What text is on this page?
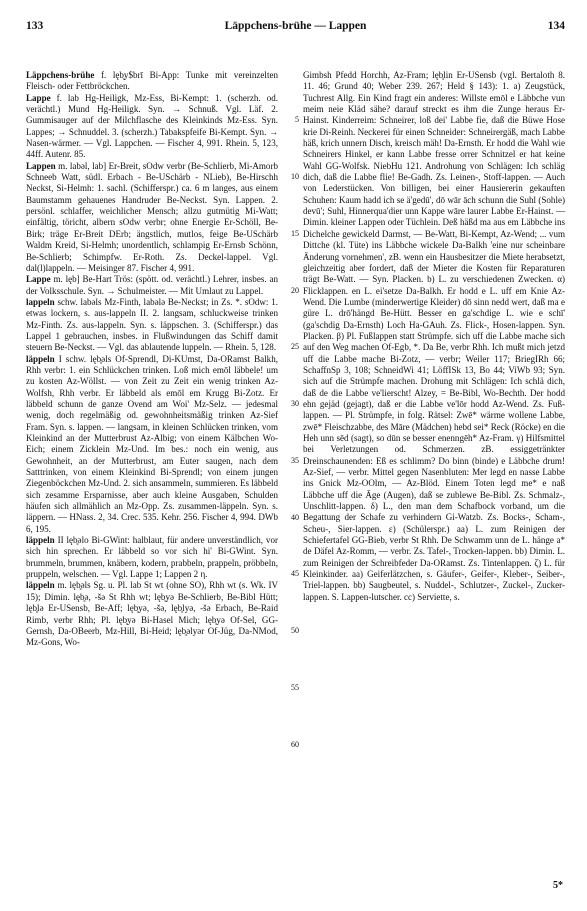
133	Läppchens-brühe — Lappen	134

Läppchens-brühe f. lęb̥y$brī Bi-App: Tunke mit vereinzelten Fleisch- oder Fettbröckchen.

Lappe f. lab Hg-Heiligk, Mz-Ess, Bi-Kempt: 1. (scherzh. od. verächtl.) Mund Hg-Heiligk. Syn. → Schnuß. Vgl. Läf. 2. Gummisauger auf der Milchflasche des Kleinkinds Mz-Ess. Syn. Lappes; → Schnuddel. 3. (scherzh.) Tabakspfeife Bi-Kempt. Syn. → Nasen-wärmer. — Vgl. Lappchen. — Fischer 4, 991. Rhein. 5, 123, 44ff. Autenr. 85.

Lappen m. labəl, lab] Er-Breit, sOdw verbr (Be-Schlierb, Mi-Amorb Schneeb Watt, südl. Erbach - Be-USchärb - NLieb), Be-Hirschh Neckst, Si-Helmh: 1. sachl. (Schifferspr.) ca. 6 m langes, aus einem Baumstamm gehauenes Handruder Be-Neckst. Syn. Lappen. 2. persönl. schlaffer, weichlicher Mensch; allzu gutmütig Mi-Watt; einfältig, töricht, albern sOdw verbr; ohne Energie Er-Schöll, Be-Birk; träge Er-Breit DErb; ängstlich, mutlos, feige Be-USchärb Waldm Kreid, Si-Helmh; unordentlich, schlampig Er-Ernsb Schönn, Be-Schlierb; Schimpfw. Er-Roth. Zs. Deckel-lappel. Vgl. dal(l)lappeln. — Meisinger 87. Fischer 4, 991.

Lappe m. lęb] Be-Hart Trös: (spött. od. verächtl.) Lehrer, insbes. an der Volksschule. Syn. → Schulmeister. — Mit Umlaut zu Lappel.

lappeln schw. labəls Mz-Finth, labələ Be-Neckst; in Zs. *. sOdw: 1. etwas lockern, s. aus-lappeln II. 2. langsam, schluckweise trinken Mz-Finth. Zs. aus-lappeln. Syn. s. läppschen. 3. (Schifferspr.) das Lappel 1 gebrauchen, insbes. in Flußwindungen das Schiff damit steuern Be-Neckst. — Vgl. das ablautende luppeln. — Rhein. 5, 128.

läppeln I schw. lęb̥əls Of-Sprendl, Di-KUmst, Da-ORamst Balkh, Rhh verbr: 1. ein Schlückchen trinken. Loß mich emōl läbbele! um zu kosten Az-Wöllst. — von Zeit zu Zeit ein wenig trinken Az-Wolfsh, Rhh verbr. Er läbbeld als emōl em Krugg Bi-Zotz. Er läbbeld schunn de ganze Ovend am Woi' Mz-Selz. — jedesmal wenig, doch regelmäßig od. gewohnheitsmäßig trinken Az-Sief Fram. Syn. s. lappen. — langsam, in kleinen Schlücken trinken, vom Kleinkind an der Mutterbrust Az-Albig; von einem Kälbchen Wo-Eich; einem Zicklein Mz-Und. Im bes.: noch ein wenig, aus Gewohnheit, an der Mutterbrust, am Euter saugen, nach dem Satttrinken, von einem Kleinkind Bi-Sprendl; von einem jungen Ziegenböckchen Mz-Und. 2. sich ansammeln, summieren. Es läbbeld sich zesamme Ersparnisse, aber auch kleine Ausgaben, Schulden häufen sich allmählich an Mz-Opp. Zs. zusammen-läppeln. Syn. s. läppern. — HNass. 2, 34. Crec. 535. Kehr. 256. Fischer 4, 994. DWb 6, 195.

läppeln II lęb̥əlo Bi-GWint: halblaut, für andere unverständlich, vor sich hin sprechen. Er läbbeld so vor sich hi' Bi-GWint. Syn. brummeln, brummen, knäbern, kodern, prabbeln, prappeln, pröbbeln, pruppeln, welschen. — Vgl. Lappe 1; Lappen 2 η.

läppeln m. lęb̥əls Sg. u. Pl. lab St wt (ohne SO), Rhh wt (s. Wk. IV 15); Dimin. lęb̥ə, -šə St Rhh wt; lęb̥yə Be-Schlierb, Be-Bibl Hütt; lęb̥lə Er-USensb, Be-Aff; lęb̥yə, -šə, lęb̥lyə, -šə Erbach, Be-Raid Rimb, verbr Rhh; Pl. lęb̥yə Bi-Hasel Mich; lęb̥yə Of-Sel, GG-Gernsh, Da-OBeerb, Mz-Hill, Bi-Heid; lęb̥əlyər Of-Jüg, Da-NMod, Mz-Gons, Wo-

5
10
15
20
25
30
35
40
45
50
55
60

Gimbsh Pfedd Horchh, Az-Fram; lęb̥lin Er-USensb (vgl. Bertaloth 8. 11. 46; Grund 40; Weber 239. 267; Held § 143): 1. a) Zeugstück, Tuchrest Allg. Ein Kind fragt ein anderes: Willste emōl e Läbbche vun meim neie Kläd sähe? darauf streckt es ihm die Zunge heraus Er-Hainst. Kinderreim: Schneirer, loß dei' Labbe fie, daß die Büwe Hose krie Di-Reinh. Neckerei für einen Schneider: Schneirergäß, mach Labbe häß, krich unnern Disch, kreisch mäh! Da-Ernsth. Er hodd die Wahl wie Schneirers Hinkel, er kann Labbe fresse orrer Schnitzel er hat keine Wahl GG-Wolfsk. NiebHu 121. Androhung von Schlägen: Ich schläg dich, daß die Labbe flie! Be-Gadh. Zs. Leinen-, Stoff-lappen. — Auch von Lederstücken. Von billigen, bei einer Hausiererin gekauften Schuhen: Kaum hadd ich se ä'gedū', dō wār āch schunn die Suhl (Sohle) devū'; Suhl, Hinnerqua'dier unn Kappe wāre laurer Labbe Er-Hainst. — Dimin. kleiner Lappen oder Tüchlein. Deß häßd ma aus em Läbbche ins Dichelche gewickeld Darmst, — Be-Watt, Bi-Kempt, Az-Wend; ... vum Dittche (kl. Tüte) ins Läbbche wickele Da-Balkh 'eine nur scheinbare Änderung vornehmen', zB. wenn ein Hausbesitzer die Miete herabsetzt, gleichzeitig aber fordert, daß der Mieter die Kosten für Reparaturen trägt Be-Watt. — Syn. Placken. b) L. zu verschiedenen Zwecken. α) Flicklappen. en L. ei'setze Da-Balkh. Er hodd e L. uff em Knie Az-Wend. Die Lumbe (minderwertige Kleider) dō sinn nedd wert, daß ma e güre L. drō'hängd Be-Hütt. Besser en ga'schdige L. wie e schī' (ga'schdig Da-Ernsth) Loch Ha-GAuh. Zs. Flick-, Hosen-lappen. Syn. Placken. β) Pl. Fußlappen statt Strümpfe. sich uff die Labbe mache sich auf den Weg machen Of-Egb, *. Da Be, verbr Rhh. Ich mußt mich jetzd uff die Labbe mache Bi-Zotz, — verbr; Weiler 117; BriegIRh 66; SchaffnSp 3, 108; SchneidWi 41; LöffISk 13, Bo 44; ViWb 93; Syn. sich auf die Strümpfe machen. Drohung mit Schlägen: Ich schlä dich, daß de die Labbe ve'lierscht! Alzey, = Be-Bibl, Wo-Bechth. Der hodd ehn gejäd (gejagt), daß er die Labbe ve'lōr hodd Az-Wend. Zs. Fuß-lappen. — Pl. Strümpfe, in folg. Rätsel: Zwē* wärme wollene Labbe, zwē* Fleischzabbe, des Māre (Mädchen) hebd sei* Reck (Röcke) en die Heh unn sēd (sagt), so dūn se besser enenngēh* Az-Fram. γ) Hilfsmittel bei Verletzungen od. Schmerzen. zB. essiggetränkter Dreinschaunenden: Eß es schlimm? Do binn (binde) e Läbbche drum! Az-Sief, — verbr. Mittel gegen Nasenbluten: Mer legd en nasse Labbe ins Gnick Mz-OOlm, — Az-Blöd. Einem Toten legd me* e naß Läbbche uff die Āge (Augen), daß se zublewe Be-Bibl. Zs. Schmalz-, Unschlitt-lappen. δ) L., den man dem Schafbock vorband, um die Begattung der Schafe zu verhindern Gi-Watzb. Zs. Bocks-, Scham-, Scheu-, Sier-lappen. ε) (Schülerspr.) aa) L. zum Reinigen der Schiefertafel GG-Bieb, verbr St Rhh. De Schwamm unn de L. hänge a* de Däfel Az-Romm, — verbr. Zs. Tafel-, Trocken-lappen. bb) Dimin. L. zum Reinigen der Schreibfeder Da-ORamst. Zs. Tintenlappen. ζ) L. für Kleinkinder. aa) Geiferlätzchen, s. Gäufer-, Geifer-, Kleber-, Seiber-, Triel-lappen. bb) Saugbeutel, s. Nuddel-, Schlutzer-, Zuckel-, Zucker-lappen. S. Lappen-lutscher. cc) Serviette, s.

5*
